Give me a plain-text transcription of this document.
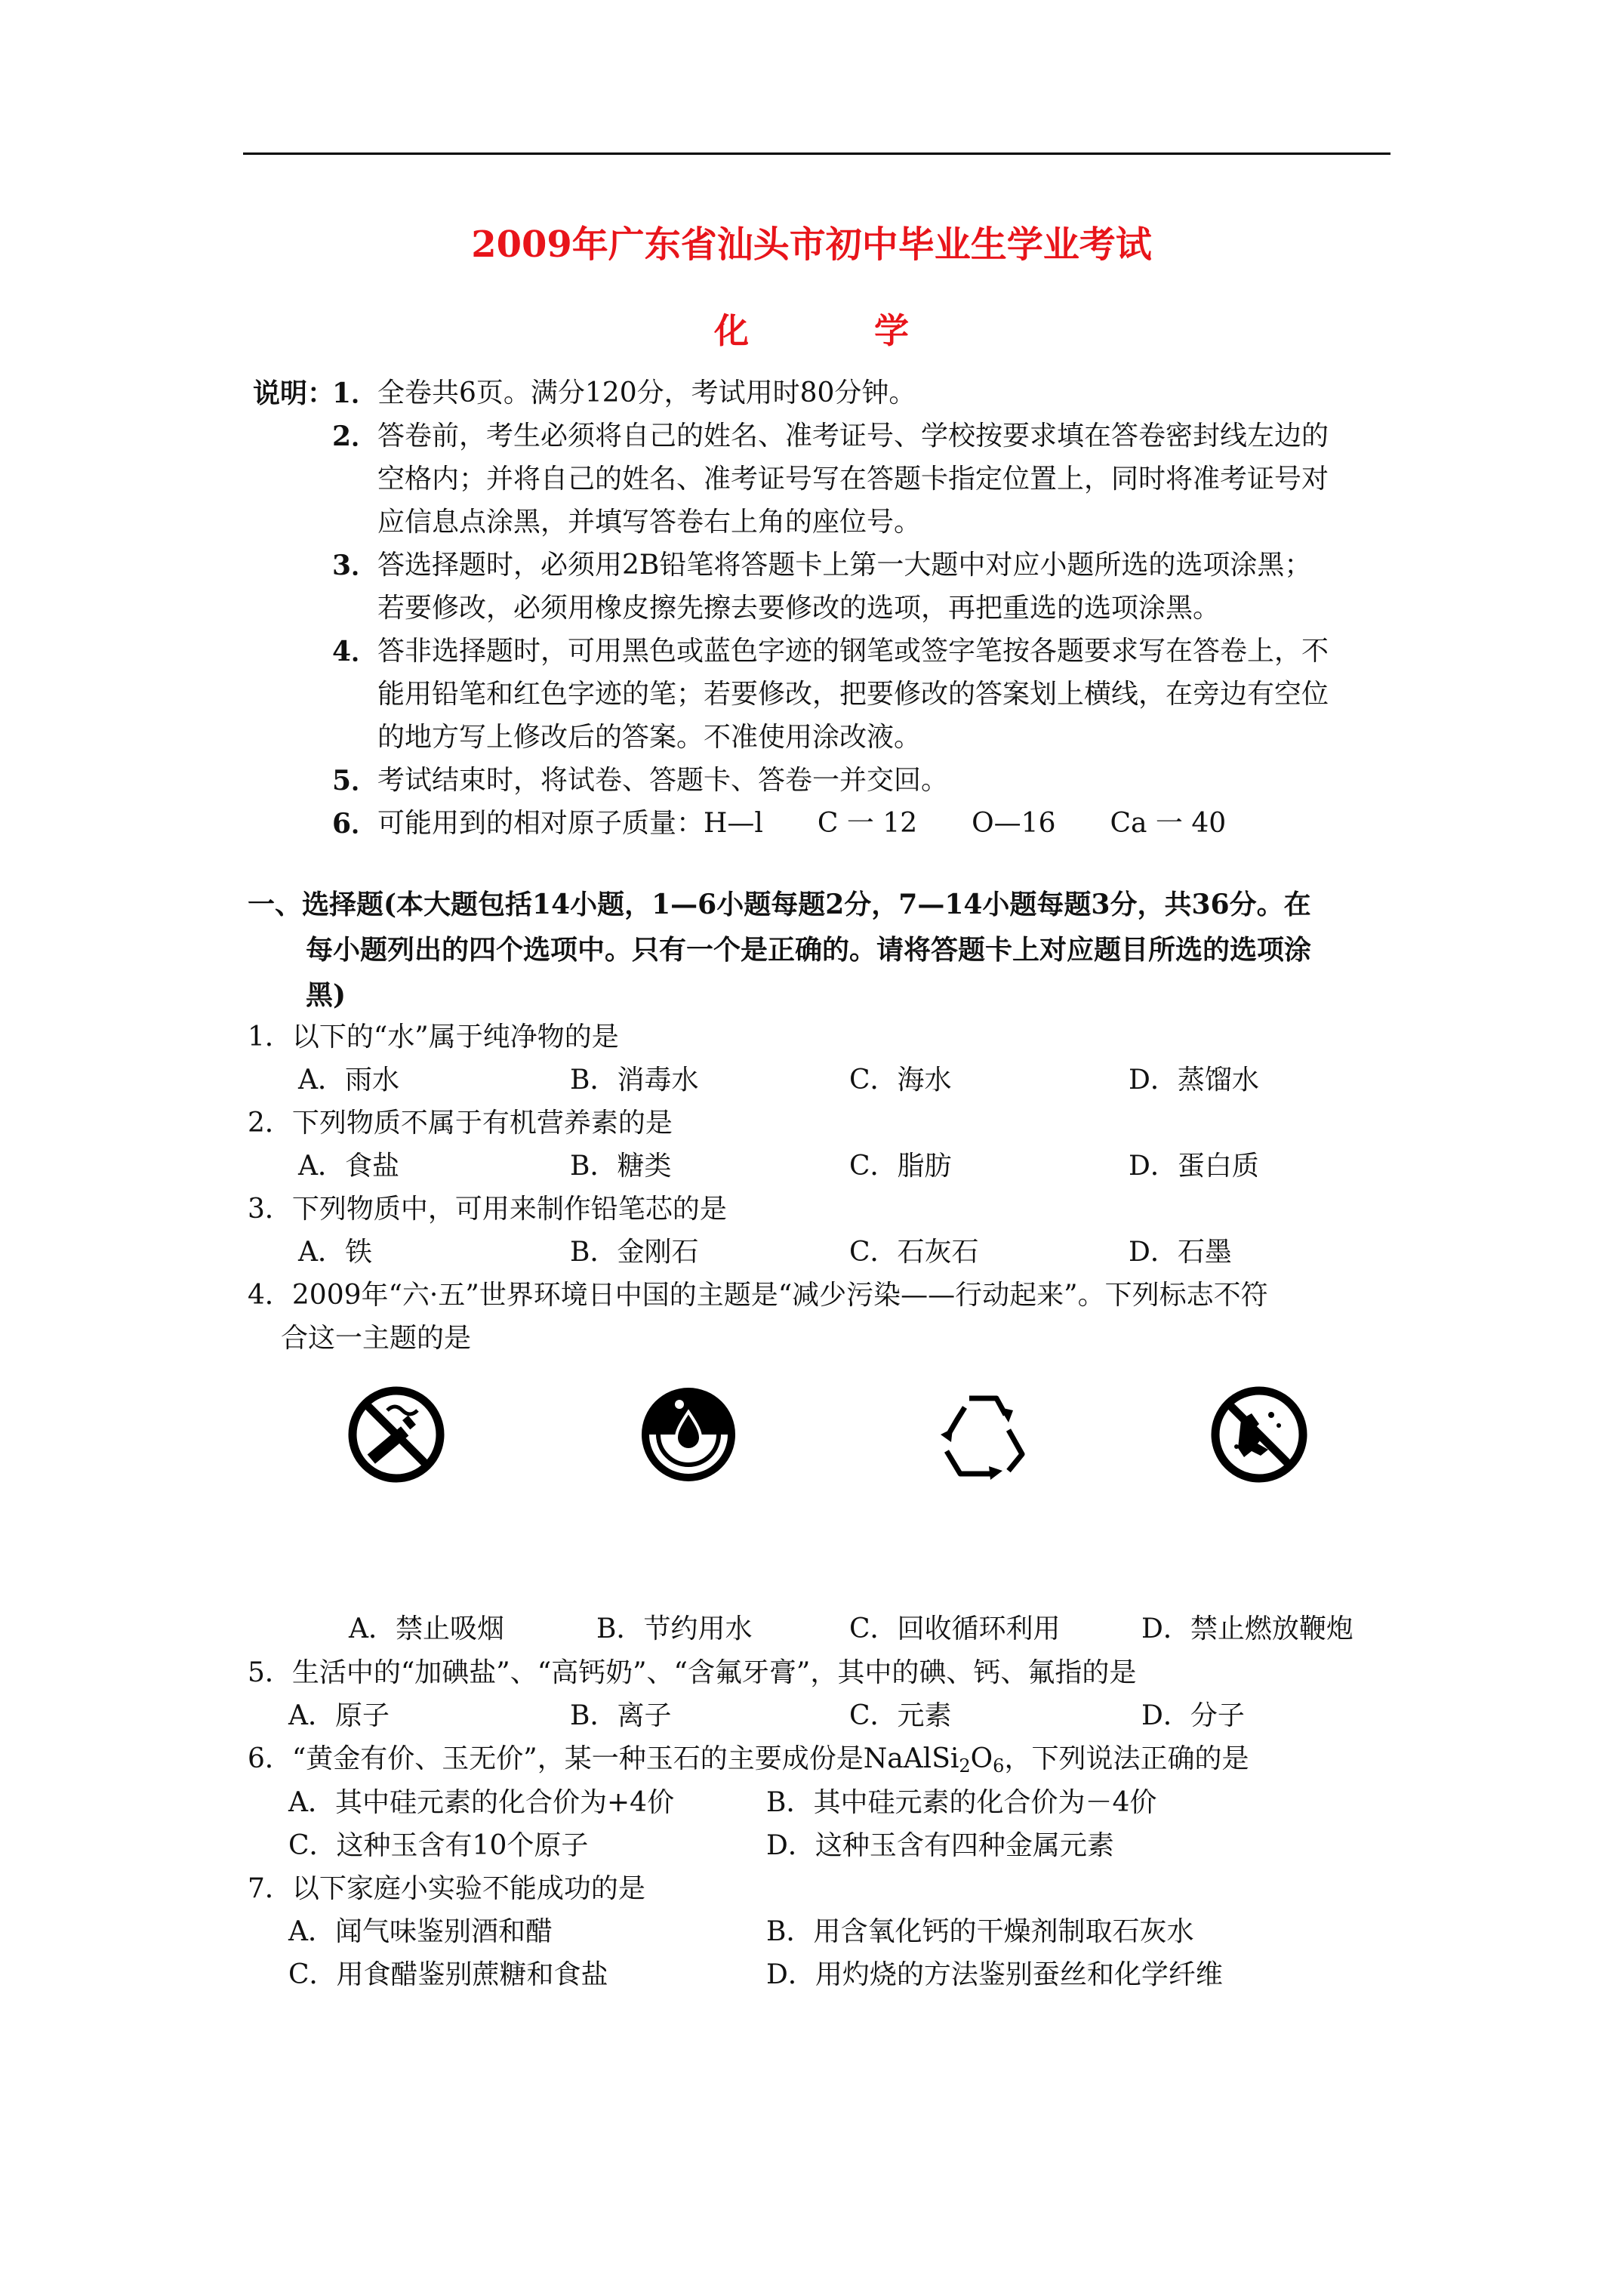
2009年广东省汕头市初中毕业生学业考试
化　学
说明：
1．
全卷共6页。满分120分，考试用时80分钟。
2．
答卷前，考生必须将自己的姓名、准考证号、学校按要求填在答卷密封线左边的
空格内；并将自己的姓名、准考证号写在答题卡指定位置上，同时将准考证号对
应信息点涂黑，并填写答卷右上角的座位号。
3．
答选择题时，必须用2B铅笔将答题卡上第一大题中对应小题所选的选项涂黑；
若要修改，必须用橡皮擦先擦去要修改的选项，再把重选的选项涂黑。
4．
答非选择题时，可用黑色或蓝色字迹的钢笔或签字笔按各题要求写在答卷上，不
能用铅笔和红色字迹的笔；若要修改，把要修改的答案划上横线，在旁边有空位
的地方写上修改后的答案。不准使用涂改液。
5．
考试结束时，将试卷、答题卡、答卷一并交回。
6．
可能用到的相对原子质量：H—l　　C 一 12　　O—16　　Ca 一 40
一、选择题(本大题包括14小题，1—6小题每题2分，7—14小题每题3分，共36分。在
每小题列出的四个选项中。只有一个是正确的。请将答题卡上对应题目所选的选项涂
黑)
1．以下的“水”属于纯净物的是
A．雨水	B．消毒水	C．海水	D．蒸馏水
2．下列物质不属于有机营养素的是
A．食盐	B．糖类	C．脂肪	D．蛋白质
3．下列物质中，可用来制作铅笔芯的是
A．铁	B．金刚石	C．石灰石	D．石墨
4．2009年“六·五”世界环境日中国的主题是“减少污染——行动起来”。下列标志不符
合这一主题的是
A．禁止吸烟	B．节约用水	C．回收循环利用	D．禁止燃放鞭炮
5．生活中的“加碘盐”、“高钙奶”、“含氟牙膏”，其中的碘、钙、氟指的是
A．原子	B．离子	C．元素	D．分子
6．“黄金有价、玉无价”，某一种玉石的主要成份是$NaAlSi_2O_6$，下列说法正确的是
A．其中硅元素的化合价为+4价	B．其中硅元素的化合价为－4价
C．这种玉含有10个原子	D．这种玉含有四种金属元素
7．以下家庭小实验不能成功的是
A．闻气味鉴别酒和醋	B．用含氧化钙的干燥剂制取石灰水
C．用食醋鉴别蔗糖和食盐	D．用灼烧的方法鉴别蚕丝和化学纤维
